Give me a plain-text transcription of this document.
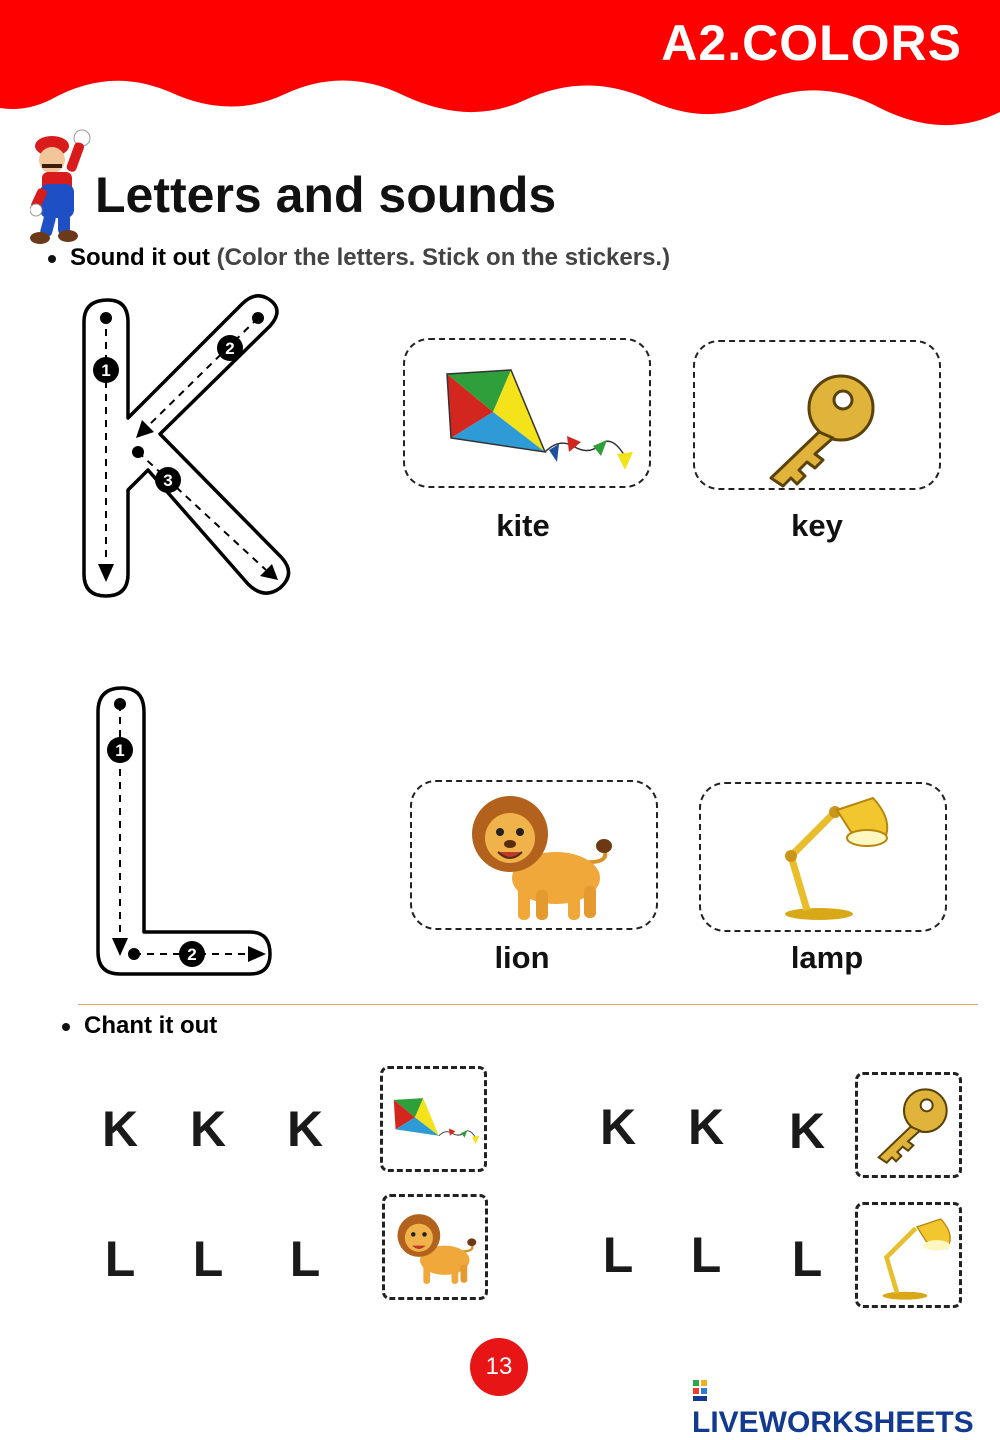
A2.COLORS
Letters and sounds
Sound it out (Color the letters. Stick on the stickers.)
1
2
3
kite	key
1
2	lion	lamp
Chant it out
K K K	K K K
L L L	L L L
13
LIVEWORKSHEETS
